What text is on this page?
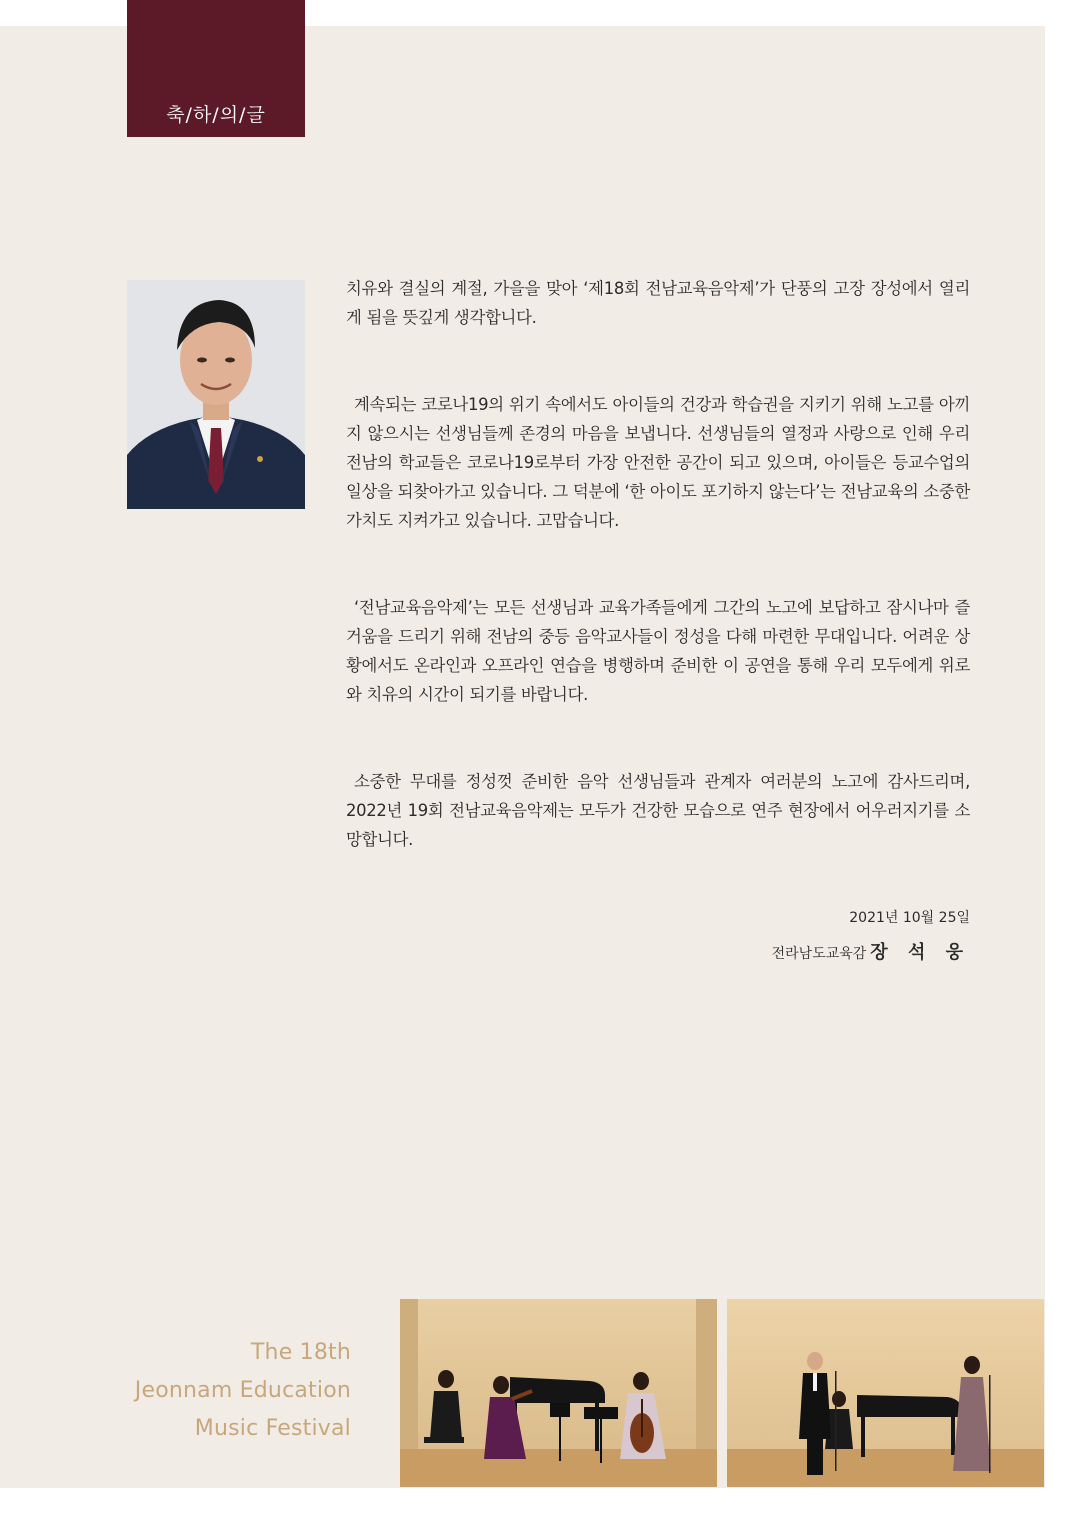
축/하/의/글

치유와 결실의 계절, 가을을 맞아 ‘제18회 전남교육음악제’가 단풍의 고장 장성에서 열리게 됨을 뜻깊게 생각합니다.

계속되는 코로나19의 위기 속에서도 아이들의 건강과 학습권을 지키기 위해 노고를 아끼지 않으시는 선생님들께 존경의 마음을 보냅니다. 선생님들의 열정과 사랑으로 인해 우리 전남의 학교들은 코로나19로부터 가장 안전한 공간이 되고 있으며, 아이들은 등교수업의 일상을 되찾아가고 있습니다. 그 덕분에 ‘한 아이도 포기하지 않는다’는 전남교육의 소중한 가치도 지켜가고 있습니다. 고맙습니다.

‘전남교육음악제’는 모든 선생님과 교육가족들에게 그간의 노고에 보답하고 잠시나마 즐거움을 드리기 위해 전남의 중등 음악교사들이 정성을 다해 마련한 무대입니다. 어려운 상황에서도 온라인과 오프라인 연습을 병행하며 준비한 이 공연을 통해 우리 모두에게 위로와 치유의 시간이 되기를 바랍니다.

소중한 무대를 정성껏 준비한 음악 선생님들과 관계자 여러분의 노고에 감사드리며, 2022년 19회 전남교육음악제는 모두가 건강한 모습으로 연주 현장에서 어우러지기를 소망합니다.

2021년 10월 25일
전라남도교육감 장 석 웅
The 18th
Jeonnam Education
Music Festival
